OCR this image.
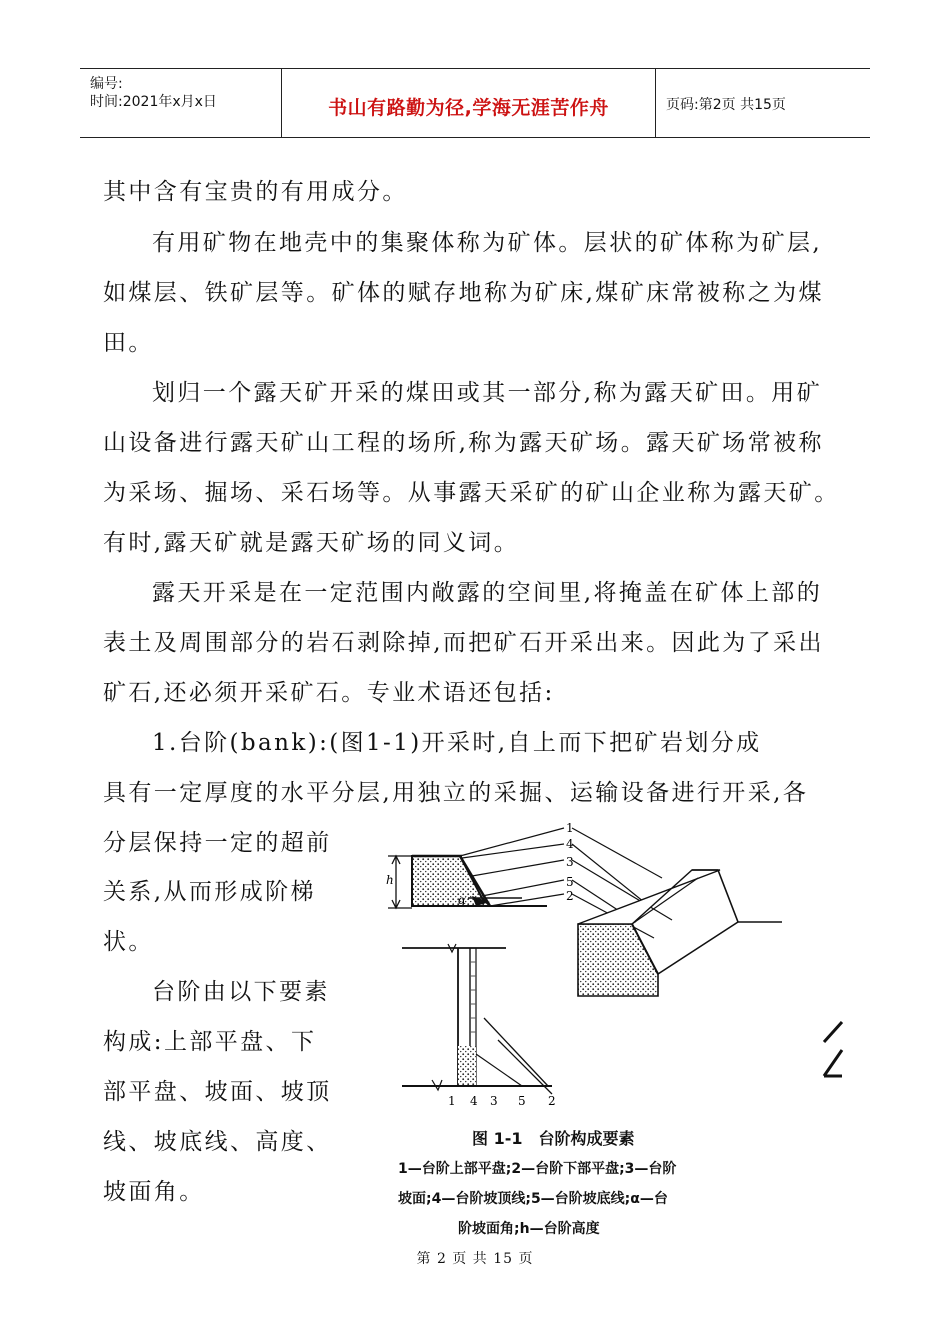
编号:
时间:2021年x月x日	书山有路勤为径,学海无涯苦作舟	页码:第2页 共15页
其中含有宝贵的有用成分。
有用矿物在地壳中的集聚体称为矿体。层状的矿体称为矿层,
如煤层、铁矿层等。矿体的赋存地称为矿床,煤矿床常被称之为煤
田。
划归一个露天矿开采的煤田或其一部分,称为露天矿田。用矿
山设备进行露天矿山工程的场所,称为露天矿场。露天矿场常被称
为采场、掘场、采石场等。从事露天采矿的矿山企业称为露天矿。
有时,露天矿就是露天矿场的同义词。
露天开采是在一定范围内敞露的空间里,将掩盖在矿体上部的
表土及周围部分的岩石剥除掉,而把矿石开采出来。因此为了采出
矿石,还必须开采矿石。专业术语还包括:
1.台阶(bank):(图1-1)开采时,自上而下把矿岩划分成
具有一定厚度的水平分层,用独立的采掘、运输设备进行开采,各
分层保持一定的超前
关系,从而形成阶梯
状。
台阶由以下要素
构成:上部平盘、下
部平盘、坡面、坡顶
线、坡底线、高度、
坡面角。
h
α
1
4
3
5
2
1 4 3 5 2
图 1-1　台阶构成要素
1—台阶上部平盘;2—台阶下部平盘;3—台阶
坡面;4—台阶坡顶线;5—台阶坡底线;α—台
阶坡面角;h—台阶高度
第 2 页 共 15 页
